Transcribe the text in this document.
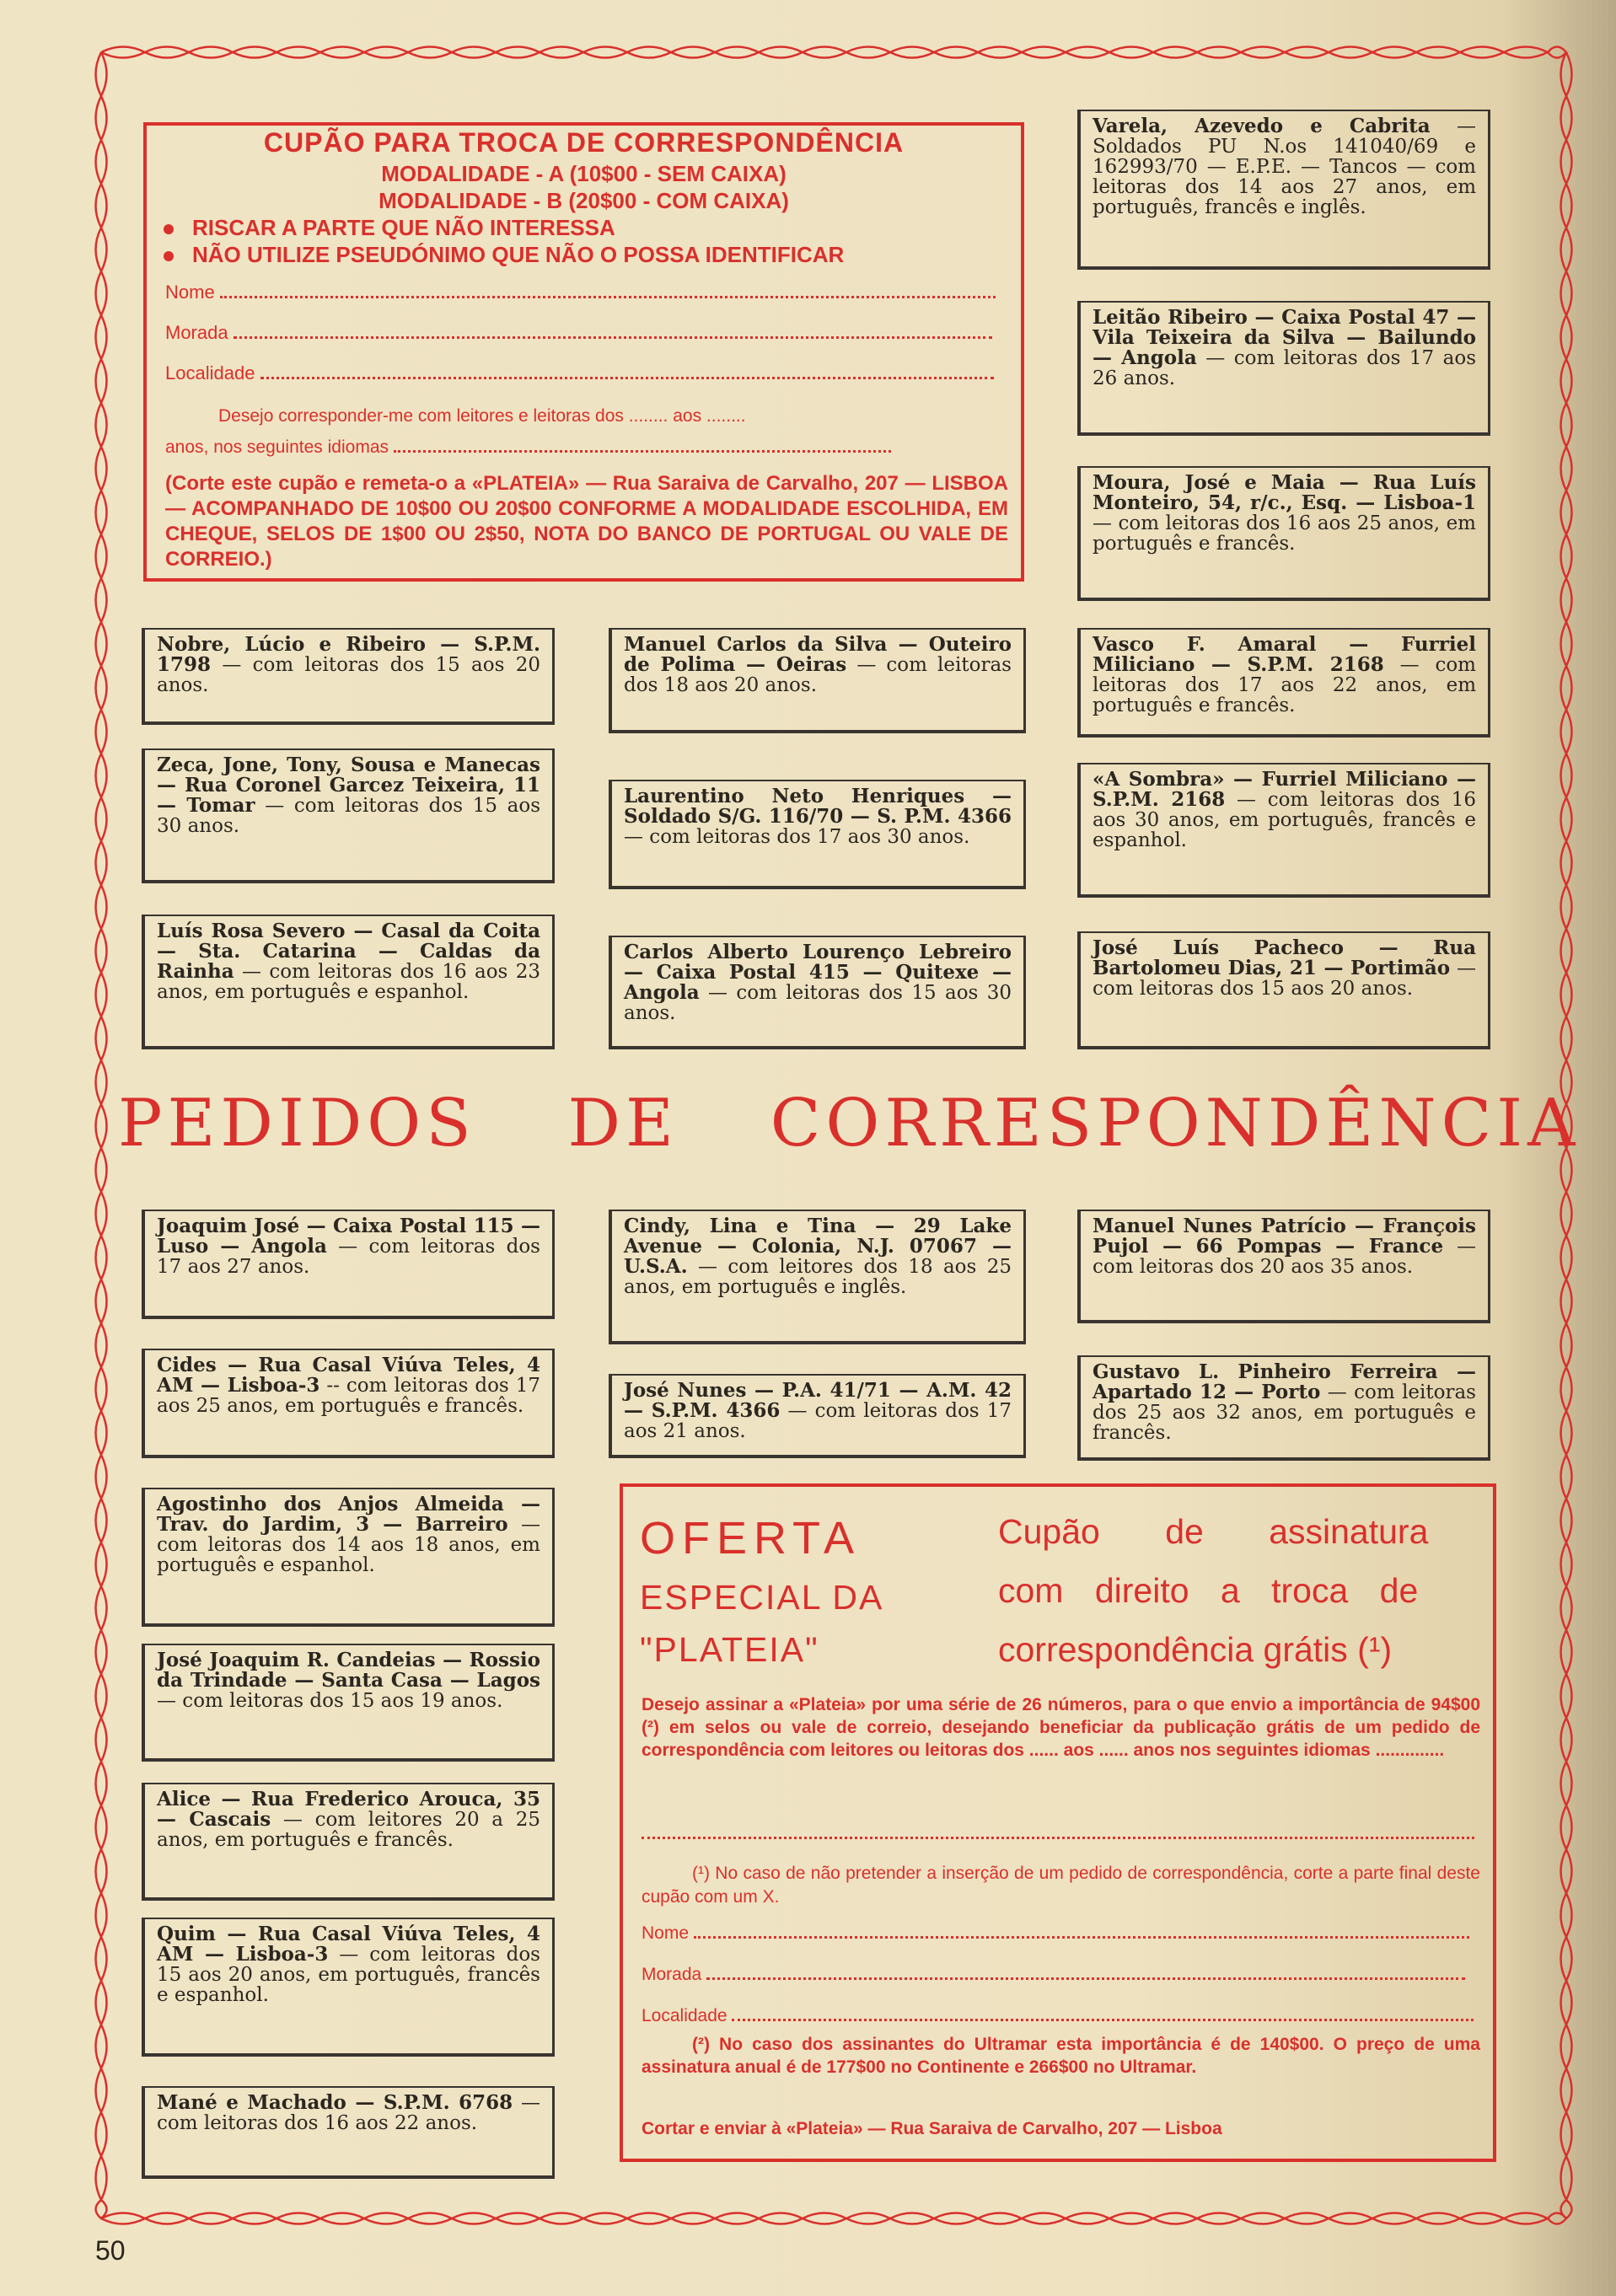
CUPÃO PARA TROCA DE CORRESPONDÊNCIA
MODALIDADE - A (10$00 - SEM CAIXA)
MODALIDADE - B (20$00 - COM CAIXA)
RISCAR A PARTE QUE NÃO INTERESSA
NÃO UTILIZE PSEUDÓNIMO QUE NÃO O POSSA IDENTIFICAR
Nome
Morada
Localidade
Desejo corresponder-me com leitores e leitoras dos ........ aos ........
anos, nos seguintes idiomas
(Corte este cupão e remeta-o a «PLATEIA» — Rua Saraiva de Carvalho, 207 — LISBOA — ACOMPANHADO DE 10$00 OU 20$00 CONFORME A MODALIDADE ESCOLHIDA, EM CHEQUE, SELOS DE 1$00 OU 2$50, NOTA DO BANCO DE PORTUGAL OU VALE DE CORREIO.)
Varela, Azevedo e Cabrita — Soldados PU N.os 141040/69 e 162993/70 — E.P.E. — Tancos — com leitoras dos 14 aos 27 anos, em português, francês e inglês.
Leitão Ribeiro — Caixa Postal 47 — Vila Teixeira da Silva — Bailundo — Angola — com leitoras dos 17 aos 26 anos.
Moura, José e Maia — Rua Luís Monteiro, 54, r/c., Esq. — Lisboa-1 — com leitoras dos 16 aos 25 anos, em português e francês.
Nobre, Lúcio e Ribeiro — S.P.M. 1798 — com leitoras dos 15 aos 20 anos.
Manuel Carlos da Silva — Outeiro de Polima — Oeiras — com leitoras dos 18 aos 20 anos.
Vasco F. Amaral — Furriel Miliciano — S.P.M. 2168 — com leitoras dos 17 aos 22 anos, em português e francês.
Zeca, Jone, Tony, Sousa e Manecas — Rua Coronel Garcez Teixeira, 11 — Tomar — com leitoras dos 15 aos 30 anos.
Laurentino Neto Henriques — Soldado S/G. 116/70 — S. P.M. 4366 — com leitoras dos 17 aos 30 anos.
«A Sombra» — Furriel Miliciano — S.P.M. 2168 — com leitoras dos 16 aos 30 anos, em português, francês e espanhol.
Luís Rosa Severo — Casal da Coita — Sta. Catarina — Caldas da Rainha — com leitoras dos 16 aos 23 anos, em português e espanhol.
Carlos Alberto Lourenço Lebreiro — Caixa Postal 415 — Quitexe — Angola — com leitoras dos 15 aos 30 anos.
José Luís Pacheco — Rua Bartolomeu Dias, 21 — Portimão — com leitoras dos 15 aos 20 anos.
PEDIDOS DE CORRESPONDÊNCIA
Joaquim José — Caixa Postal 115 — Luso — Angola — com leitoras dos 17 aos 27 anos.
Cindy, Lina e Tina — 29 Lake Avenue — Colonia, N.J. 07067 — U.S.A. — com leitores dos 18 aos 25 anos, em português e inglês.
Manuel Nunes Patrício — François Pujol — 66 Pompas — France — com leitoras dos 20 aos 35 anos.
Cides — Rua Casal Viúva Teles, 4 AM — Lisboa-3 -- com leitoras dos 17 aos 25 anos, em português e francês.
José Nunes — P.A. 41/71 — A.M. 42 — S.P.M. 4366 — com leitoras dos 17 aos 21 anos.
Gustavo L. Pinheiro Ferreira — Apartado 12 — Porto — com leitoras dos 25 aos 32 anos, em português e francês.
Agostinho dos Anjos Almeida — Trav. do Jardim, 3 — Barreiro — com leitoras dos 14 aos 18 anos, em português e espanhol.
José Joaquim R. Candeias — Rossio da Trindade — Santa Casa — Lagos — com leitoras dos 15 aos 19 anos.
Alice — Rua Frederico Arouca, 35 — Cascais — com leitores 20 a 25 anos, em português e francês.
Quim — Rua Casal Viúva Teles, 4 AM — Lisboa-3 — com leitoras dos 15 aos 20 anos, em português, francês e espanhol.
Mané e Machado — S.P.M. 6768 — com leitoras dos 16 aos 22 anos.
OFERTA
ESPECIAL DA
"PLATEIA"
Cupão de assinatura
com direito a troca de
correspondência grátis (¹)
Desejo assinar a «Plateia» por uma série de 26 números, para o que envio a importância de 94$00 (²) em selos ou vale de correio, desejando beneficiar da publicação grátis de um pedido de correspondência com leitores ou leitoras dos ...... aos ...... anos nos seguintes idiomas ..............
(¹) No caso de não pretender a inserção de um pedido de correspondência, corte a parte final deste cupão com um X.
Nome
Morada
Localidade
(²) No caso dos assinantes do Ultramar esta importância é de 140$00. O preço de uma assinatura anual é de 177$00 no Continente e 266$00 no Ultramar.
Cortar e enviar à «Plateia» — Rua Saraiva de Carvalho, 207 — Lisboa
50
